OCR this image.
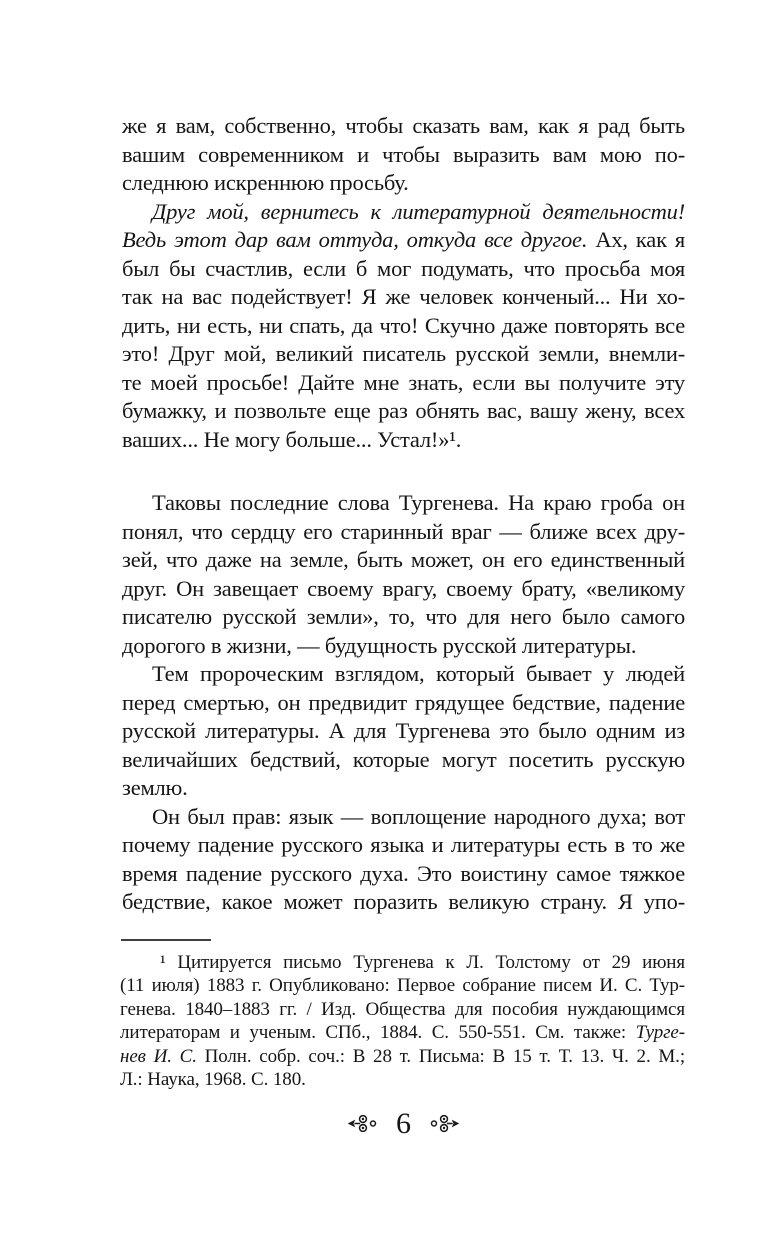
же я вам, собственно, чтобы сказать вам, как я рад быть
вашим современником и чтобы выразить вам мою по-
следнюю искреннюю просьбу.
Друг мой, вернитесь к литературной деятельности!
Ведь этот дар вам оттуда, откуда все другое. Ах, как я
был бы счастлив, если б мог подумать, что просьба моя
так на вас подействует! Я же человек конченый... Ни хо-
дить, ни есть, ни спать, да что! Скучно даже повторять все
это! Друг мой, великий писатель русской земли, внемли-
те моей просьбе! Дайте мне знать, если вы получите эту
бумажку, и позвольте еще раз обнять вас, вашу жену, всех
ваших... Не могу больше... Устал!»¹.
Таковы последние слова Тургенева. На краю гроба он
понял, что сердцу его старинный враг — ближе всех дру-
зей, что даже на земле, быть может, он его единственный
друг. Он завещает своему врагу, своему брату, «великому
писателю русской земли», то, что для него было самого
дорогого в жизни, — будущность русской литературы.
Тем пророческим взглядом, который бывает у людей
перед смертью, он предвидит грядущее бедствие, падение
русской литературы. А для Тургенева это было одним из
величайших бедствий, которые могут посетить русскую
землю.
Он был прав: язык — воплощение народного духа; вот
почему падение русского языка и литературы есть в то же
время падение русского духа. Это воистину самое тяжкое
бедствие, какое может поразить великую страну. Я упо-
¹ Цитируется письмо Тургенева к Л. Толстому от 29 июня
(11 июля) 1883 г. Опубликовано: Первое собрание писем И. С. Тур-
генева. 1840–1883 гг. / Изд. Общества для пособия нуждающимся
литераторам и ученым. СПб., 1884. С. 550-551. См. также: Турге-
нев И. С. Полн. собр. соч.: В 28 т. Письма: В 15 т. Т. 13. Ч. 2. М.;
Л.: Наука, 1968. С. 180.
6
